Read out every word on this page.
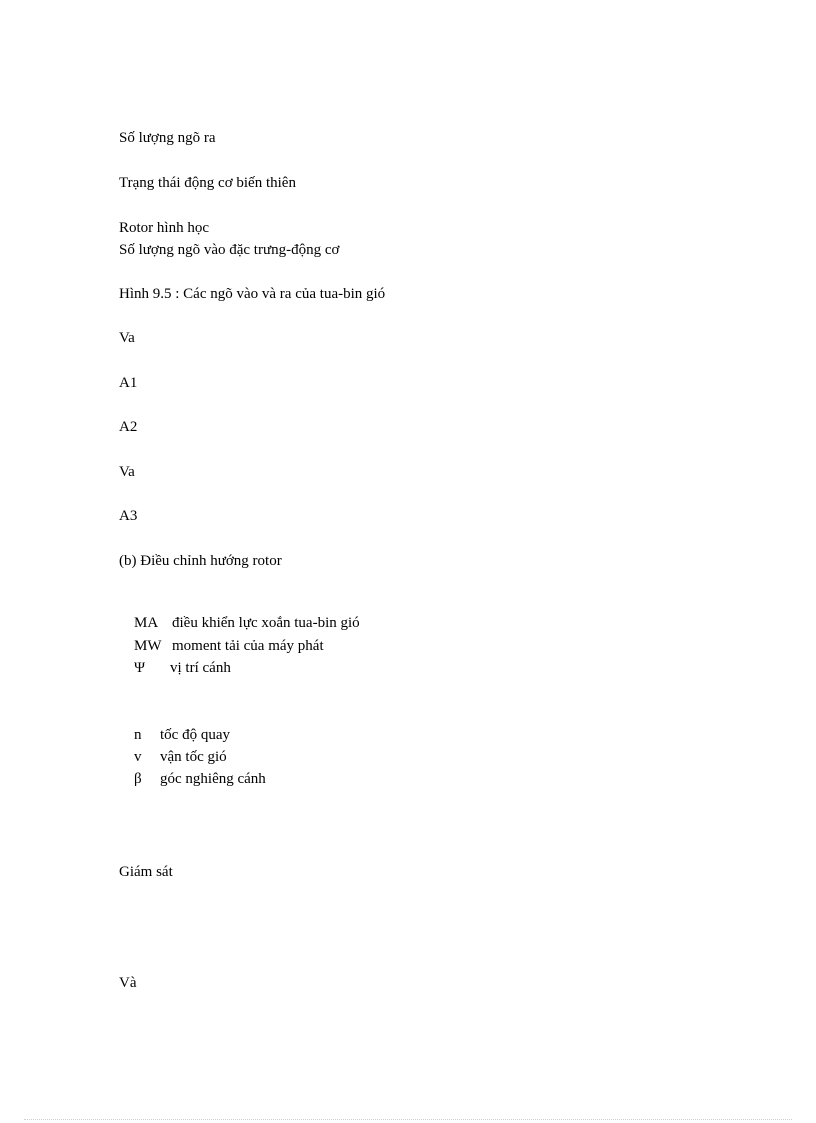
Số lượng ngõ ra
Trạng thái động cơ biến thiên
Rotor hình học
Số lượng ngõ vào đặc trưng-động cơ
Hình 9.5 : Các ngõ vào và ra của tua-bin gió
Va
A1
A2
Va
A3
(b) Điều chỉnh hướng rotor

MA điều khiển lực xoắn tua-bin gió

MW moment tải của máy phát

Ψ vị trí cánh

n tốc độ quay

v vận tốc gió

β góc nghiêng cánh

Giám sát
Và
